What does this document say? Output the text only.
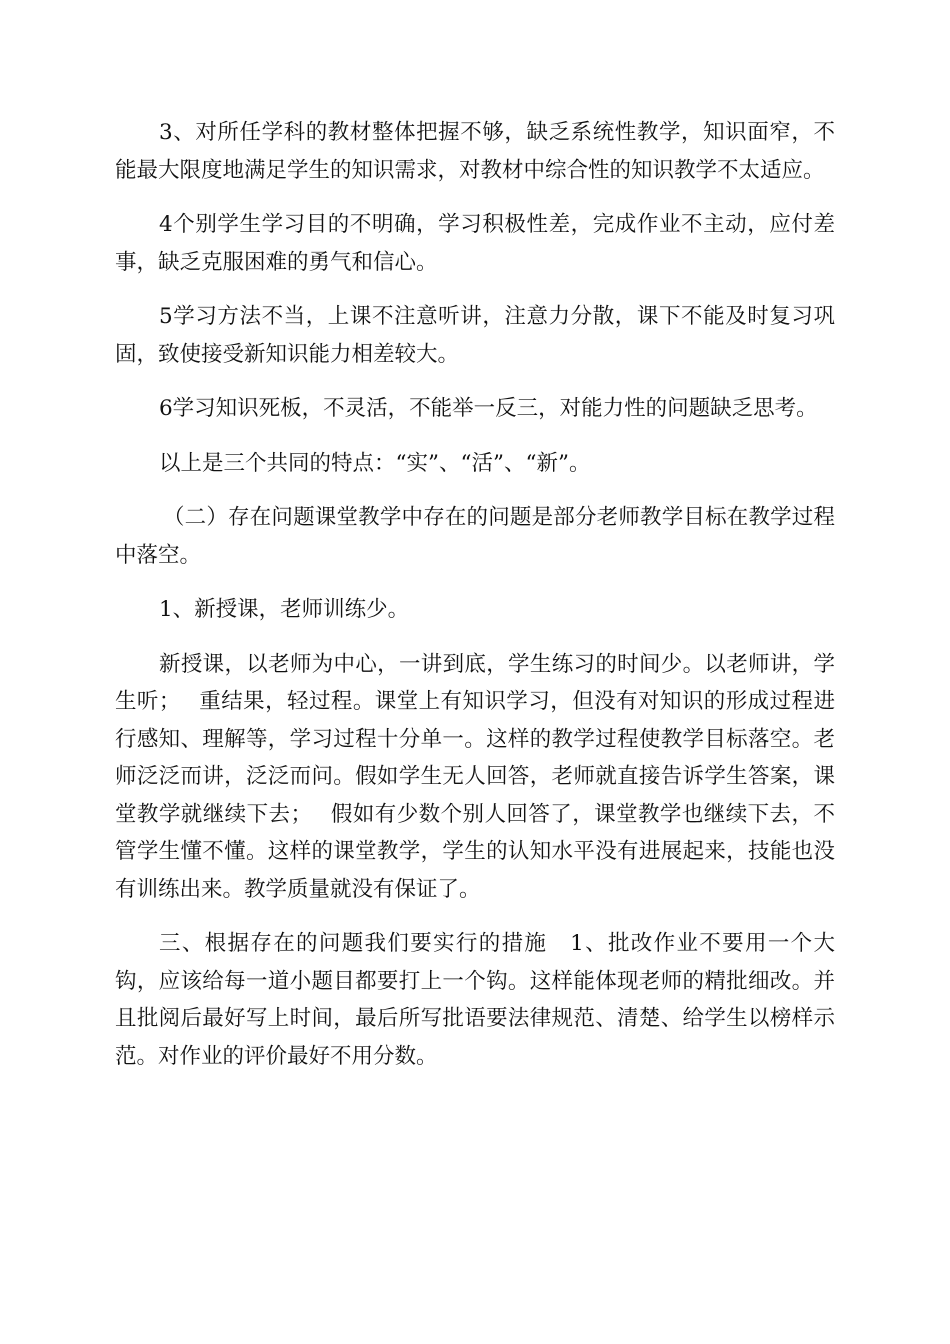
3、对所任学科的教材整体把握不够，缺乏系统性教学，知识面窄，不能最大限度地满足学生的知识需求，对教材中综合性的知识教学不太适应。

4个别学生学习目的不明确，学习积极性差，完成作业不主动，应付差事，缺乏克服困难的勇气和信心。

5学习方法不当，上课不注意听讲，注意力分散，课下不能及时复习巩固，致使接受新知识能力相差较大。

6学习知识死板，不灵活，不能举一反三，对能力性的问题缺乏思考。

以上是三个共同的特点：“实”、“活”、“新”。

（二）存在问题课堂教学中存在的问题是部分老师教学目标在教学过程中落空。

1、新授课，老师训练少。

新授课，以老师为中心，一讲到底，学生练习的时间少。以老师讲，学生听；　 重结果，轻过程。课堂上有知识学习，但没有对知识的形成过程进行感知、理解等，学习过程十分单一。这样的教学过程使教学目标落空。老师泛泛而讲，泛泛而问。假如学生无人回答，老师就直接告诉学生答案，课堂教学就继续下去；　 假如有少数个别人回答了，课堂教学也继续下去，不管学生懂不懂。这样的课堂教学，学生的认知水平没有进展起来，技能也没有训练出来。教学质量就没有保证了。

三、根据存在的问题我们要实行的措施　1、批改作业不要用一个大钩，应该给每一道小题目都要打上一个钩。这样能体现老师的精批细改。并且批阅后最好写上时间，最后所写批语要法律规范、清楚、给学生以榜样示范。对作业的评价最好不用分数。
